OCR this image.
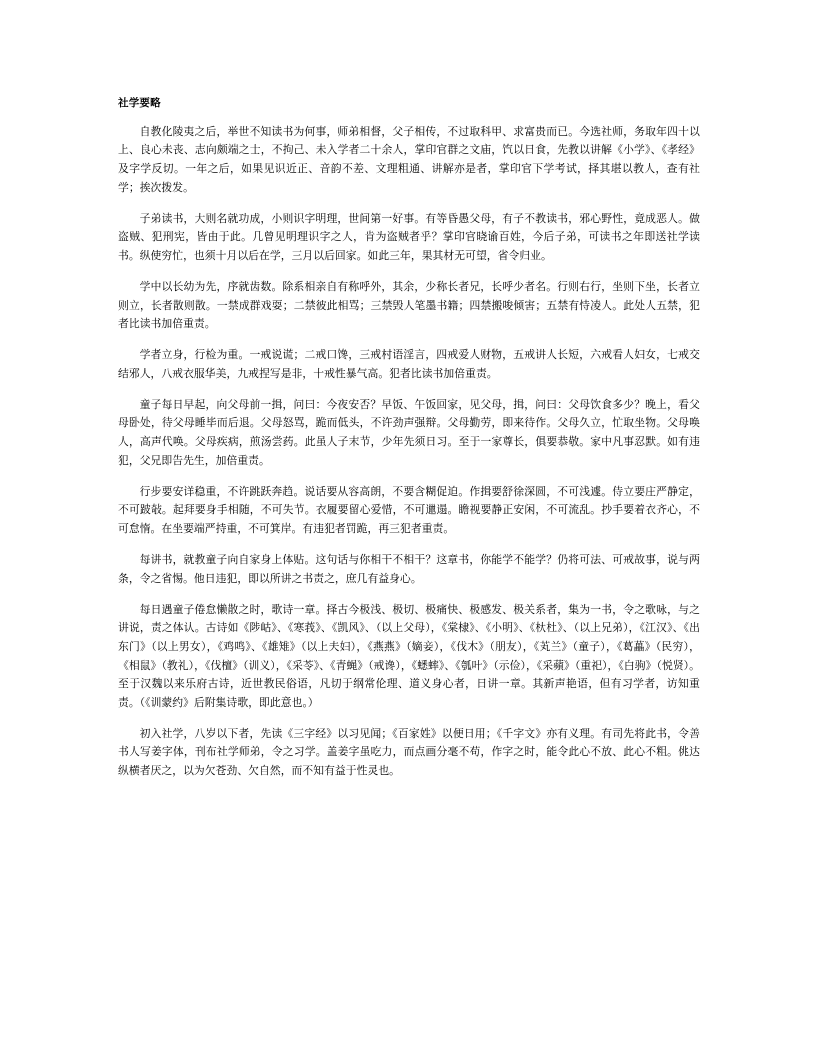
社学要略

自教化陵夷之后，举世不知读书为何事，师弟相督，父子相传，不过取科甲、求富贵而已。今选社师，务取年四十以上、良心未丧、志向颇端之士，不拘己、未入学者二十余人，掌印官群之文庙，饩以日食，先教以讲解《小学》、《孝经》及字学反切。一年之后，如果见识近正、音韵不差、文理粗通、讲解亦是者，掌印官下学考试，择其堪以教人，查有社学；挨次拨发。

子弟读书，大则名就功成，小则识字明理，世间第一好事。有等昏愚父母，有子不教读书，邪心野性，竟成恶人。做盗贼、犯刑宪，皆由于此。几曾见明理识字之人，肯为盗贼者乎？掌印官晓谕百姓，今后子弟，可读书之年即送社学读书。纵使穷忙，也须十月以后在学，三月以后回家。如此三年，果其材无可望，省令归业。

学中以长幼为先，序就齿数。除系相亲自有称呼外，其余，少称长者兄，长呼少者名。行则右行，坐则下坐，长者立则立，长者散则散。一禁成群戏耍；二禁彼此相骂；三禁毁人笔墨书籍；四禁搬唆倾害；五禁有恃凌人。此处人五禁，犯者比读书加倍重责。

学者立身，行检为重。一戒说谎；二戒口馋，三戒村语淫言，四戒爱人财物，五戒讲人长短，六戒看人妇女，七戒交结邪人，八戒衣服华美，九戒捏写是非，十戒性暴气高。犯者比读书加倍重责。

童子每日早起，向父母前一揖，问曰：今夜安否？早饭、午饭回家，见父母，揖，问曰：父母饮食多少？晚上，看父母卧处，待父母睡毕而后退。父母怒骂，跪而低头，不许劲声强辩。父母勤劳，即来待作。父母久立，忙取坐物。父母唤人，高声代唤。父母疾病，煎汤尝药。此虽人子末节，少年先须日习。至于一家尊长，俱要恭敬。家中凡事忍默。如有违犯，父兄即告先生，加倍重责。

行步要安详稳重，不许跳跃奔趋。说话要从容高朗，不要含糊促迫。作揖要舒徐深圆，不可浅遽。侍立要庄严静定，不可跛敧。起拜要身手相随，不可失节。衣履要留心爱惜，不可邋遢。瞻视要静正安闲，不可流乱。抄手要着衣齐心，不可怠惰。在坐要端严持重，不可箕岸。有违犯者罚跪，再三犯者重责。

每讲书，就教童子向自家身上体贴。这句话与你相干不相干？这章书，你能学不能学？仍将可法、可戒故事，说与两条，令之省惕。他日违犯，即以所讲之书责之，庶几有益身心。

每日遇童子倦怠懒散之时，歌诗一章。择古今极浅、极切、极痛快、极感发、极关系者，集为一书，令之歌咏，与之讲说，责之体认。古诗如《陟岵》、《寒莪》、《凯风》、（以上父母），《棠棣》、《小明》、《杕杜》、（以上兄弟），《江汉》、《出东门》（以上男女），《鸡鸣》、《雄雉》（以上夫妇），《燕燕》（嫡妾），《伐木》（朋友），《芄兰》（童子），《葛藟》（民穷），《相鼠》（教礼），《伐檀》（训义），《采苓》、《青蝇》（戒谗），《蟋蟀》、《瓠叶》（示俭），《采蘋》（重祀），《白驹》（悦贤）。至于汉魏以来乐府古诗，近世教民俗语，凡切于纲常伦理、道义身心者，日讲一章。其新声艳语，但有习学者，访知重责。（《训蒙约》后附集诗歌，即此意也。）

初入社学，八岁以下者，先读《三字经》以习见闻；《百家姓》以便日用；《千字文》亦有义理。有司先将此书，令善书人写姜字体，刊布社学师弟，令之习学。盖姜字虽吃力，而点画分毫不苟，作字之时，能令此心不放、此心不粗。佻达纵横者厌之，以为欠苍劲、欠自然，而不知有益于性灵也。
